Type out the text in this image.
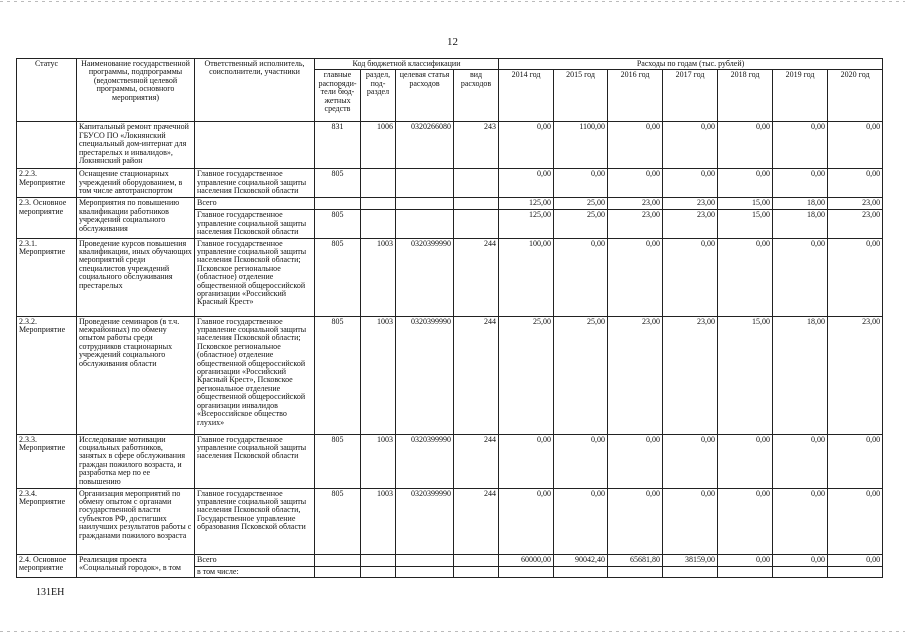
12
Статус	Наименование государственной программы, подпрограммы (ведомственной целевой программы, основного мероприятия)	Ответственный исполнитель, соисполнители, участники	Код бюджетной классификации				Расходы по годам (тыс. рублей)						
			главные распоряди-тели бюд-жетных средств	раздел, под-раздел	целевая статья расходов	вид расходов	2014 год	2015 год	2016 год	2017 год	2018 год	2019 год	2020 год
	Капитальный ремонт прачечной ГБУСО ПО «Локнянский специальный дом-интернат для престарелых и инвалидов», Локнянский район		831	1006	0320266080	243	0,00	1100,00	0,00	0,00	0,00	0,00	0,00
2.2.3. Мероприятие	Оснащение стационарных учреждений оборудованием, в том числе автотранспортом	Главное государственное управление социальной защиты населения Псковской области	805				0,00	0,00	0,00	0,00	0,00	0,00	0,00
2.3. Основное мероприятие	Мероприятия по повышению квалификации работников учреждений социального обслуживания	Всего					125,00	25,00	23,00	23,00	15,00	18,00	23,00
		Главное государственное управление социальной защиты населения Псковской области	805				125,00	25,00	23,00	23,00	15,00	18,00	23,00
2.3.1. Мероприятие	Проведение курсов повышения квалификации, иных обучающих мероприятий среди специалистов учреждений социального обслуживания престарелых	Главное государственное управление социальной защиты населения Псковской области; Псковское региональное (областное) отделение общественной общероссийской организации «Российский Красный Крест»	805	1003	0320399990	244	100,00	0,00	0,00	0,00	0,00	0,00	0,00
2.3.2. Мероприятие	Проведение семинаров (в т.ч. межрайонных) по обмену опытом работы среди сотрудников стационарных учреждений социального обслуживания области	Главное государственное управление социальной защиты населения Псковской области; Псковское региональное (областное) отделение общественной общероссийской организации «Российский Красный Крест», Псковское региональное отделение общественной общероссийской организации инвалидов «Всероссийское общество глухих»	805	1003	0320399990	244	25,00	25,00	23,00	23,00	15,00	18,00	23,00
2.3.3. Мероприятие	Исследование мотивации социальных работников, занятых в сфере обслуживания граждан пожилого возраста, и разработка мер по ее повышению	Главное государственное управление социальной защиты населения Псковской области	805	1003	0320399990	244	0,00	0,00	0,00	0,00	0,00	0,00	0,00
2.3.4. Мероприятие	Организация мероприятий по обмену опытом с органами государственной власти субъектов РФ, достигших наилучших результатов работы с гражданами пожилого возраста	Главное государственное управление социальной защиты населения Псковской области, Государственное управление образования Псковской области	805	1003	0320399990	244	0,00	0,00	0,00	0,00	0,00	0,00	0,00
2.4. Основное мероприятие	Реализация проекта «Социальный городок», в том	Всего					60000,00	90042,40	65681,80	38159,00	0,00	0,00	0,00
		в том числе:											
131EH
